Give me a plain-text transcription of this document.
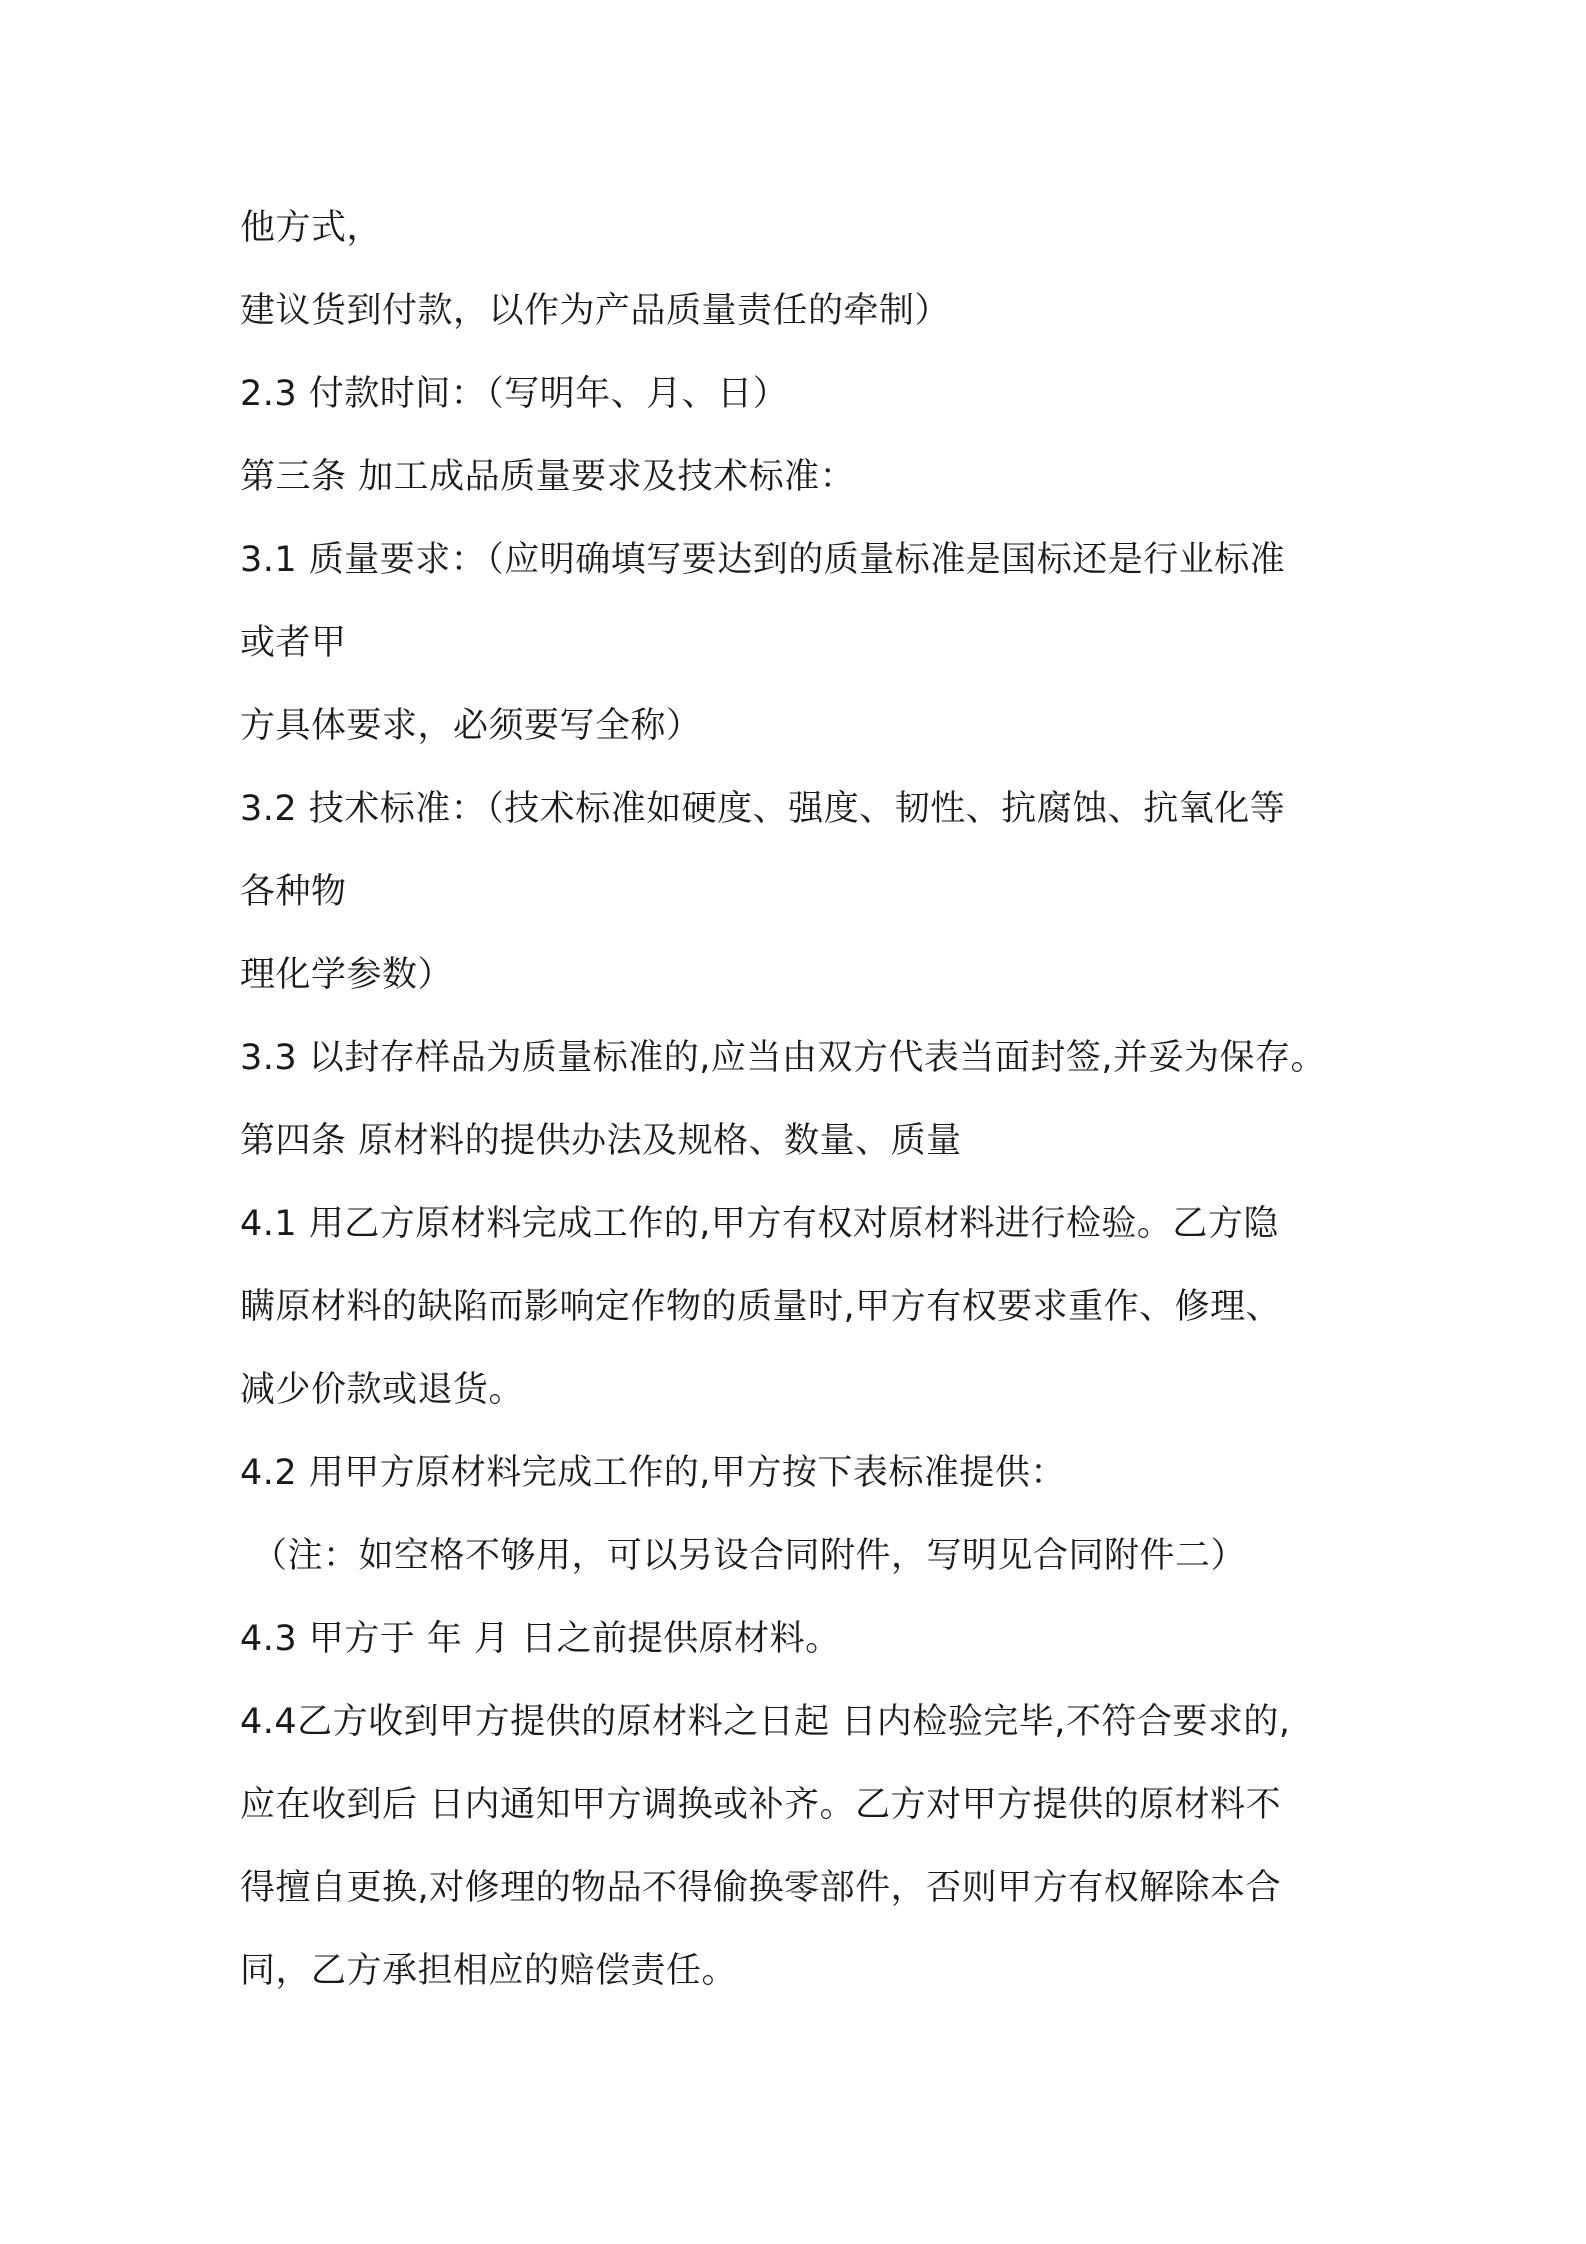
他方式，
建议货到付款，以作为产品质量责任的牵制）
2.3 付款时间：（写明年、月、日）
第三条 加工成品质量要求及技术标准：
3.1 质量要求：（应明确填写要达到的质量标准是国标还是行业标准
或者甲
方具体要求，必须要写全称）
3.2 技术标准：（技术标准如硬度、强度、韧性、抗腐蚀、抗氧化等
各种物
理化学参数）
3.3 以封存样品为质量标准的,应当由双方代表当面封签,并妥为保存。
第四条 原材料的提供办法及规格、数量、质量
4.1 用乙方原材料完成工作的,甲方有权对原材料进行检验。乙方隐
瞒原材料的缺陷而影响定作物的质量时,甲方有权要求重作、修理、
减少价款或退货。
4.2 用甲方原材料完成工作的,甲方按下表标准提供：
（注：如空格不够用，可以另设合同附件，写明见合同附件二）
4.3 甲方于 年 月 日之前提供原材料。
4.4乙方收到甲方提供的原材料之日起 日内检验完毕,不符合要求的,
应在收到后 日内通知甲方调换或补齐。乙方对甲方提供的原材料不
得擅自更换,对修理的物品不得偷换零部件，否则甲方有权解除本合
同，乙方承担相应的赔偿责任。
